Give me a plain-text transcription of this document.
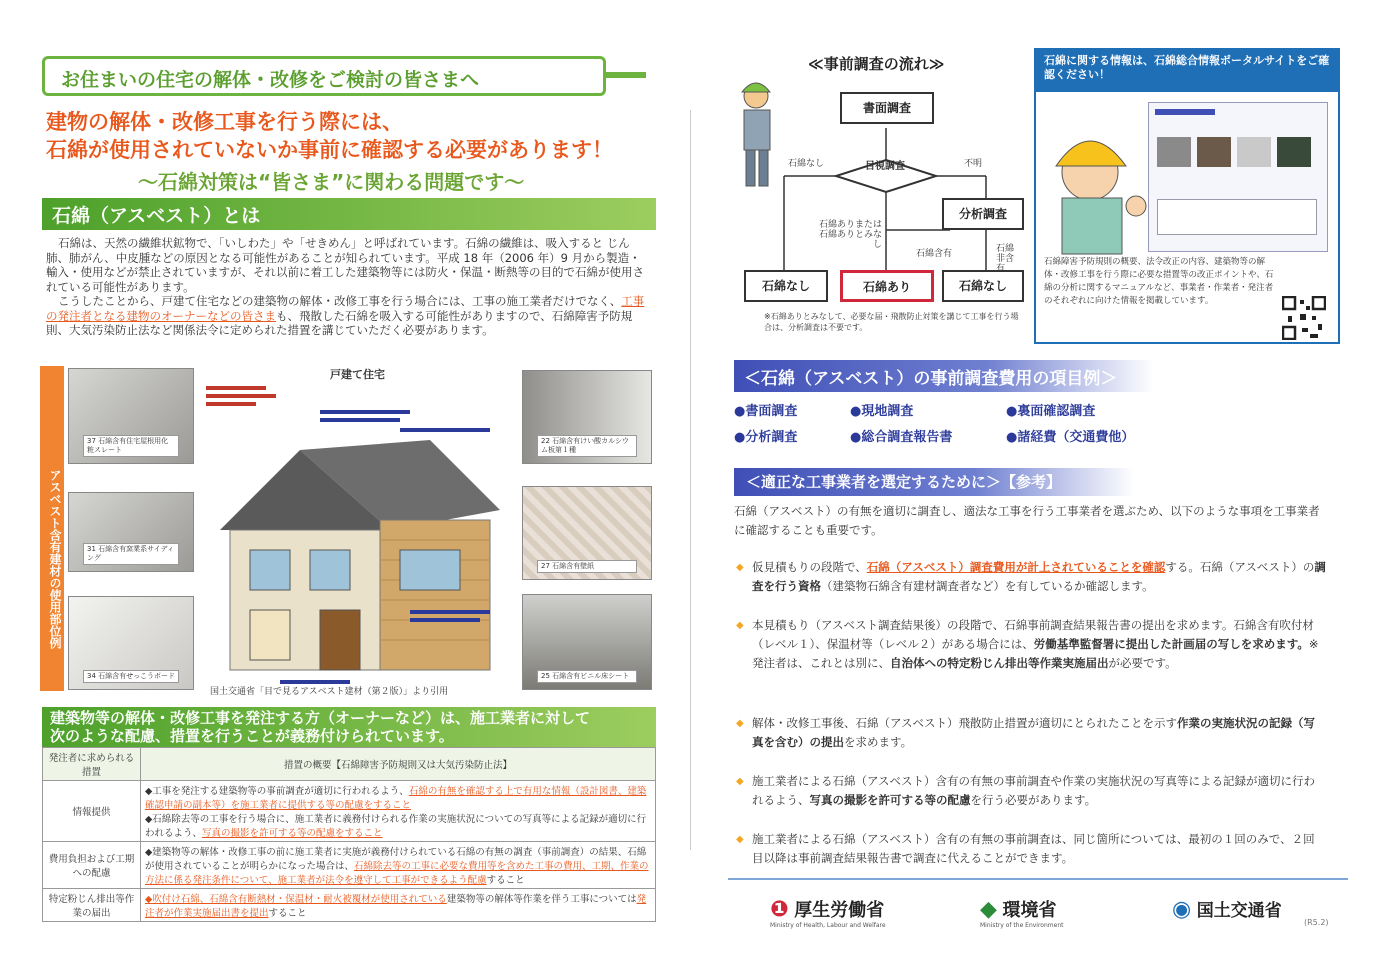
お住まいの住宅の解体・改修をご検討の皆さまへ
建物の解体・改修工事を行う際には、
石綿が使用されていないか事前に確認する必要があります！
～石綿対策は“皆さま”に関わる問題です～
石綿（アスベスト）とは
石綿は、天然の繊維状鉱物で、「いしわた」や「せきめん」と呼ばれています。石綿の繊維は、吸入すると じん肺、肺がん、中皮腫などの原因となる可能性があることが知られています。平成 18 年（2006 年）9 月から製造・輸入・使用などが禁止されていますが、それ以前に着工した建築物等には防火・保温・断熱等の目的で石綿が使用されている可能性があります。
こうしたことから、戸建て住宅などの建築物の解体・改修工事を行う場合には、工事の施工業者だけでなく、工事の発注者となる建物のオーナーなどの皆さまも、飛散した石綿を吸入する可能性がありますので、石綿障害予防規則、大気汚染防止法など関係法令に定められた措置を講じていただく必要があります。
アスベスト含有建材の使用部位例
37 石綿含有住宅屋根用化粧スレート
31 石綿含有窯業系サイディング
34 石綿含有せっこうボード
22 石綿含有けい酸カルシウム板第１種
27 石綿含有壁紙
25 石綿含有ビニル床シート
戸建て住宅
国土交通省「目で見るアスベスト建材（第２版）」より引用
建築物等の解体・改修工事を発注する方（オーナーなど）は、施工業者に対して
次のような配慮、措置を行うことが義務付けられています。
発注者に求められる措置	措置の概要【石綿障害予防規則又は大気汚染防止法】
情報提供	◆工事を発注する建築物等の事前調査が適切に行われるよう、石綿の有無を確認する上で有用な情報（設計図書、建築確認申請の副本等）を施工業者に提供する等の配慮をすること
◆石綿除去等の工事を行う場合に、施工業者に義務付けられる作業の実施状況についての写真等による記録が適切に行われるよう、写真の撮影を許可する等の配慮をすること

費用負担および工期への配慮	◆建築物等の解体・改修工事の前に施工業者に実施が義務付けられている石綿の有無の調査（事前調査）の結果、石綿が使用されていることが明らかになった場合は、石綿除去等の工事に必要な費用等を含めた工事の費用、工期、作業の方法に係る発注条件について、施工業者が法令を遵守して工事ができるよう配慮すること
特定粉じん排出等作業の届出	◆吹付け石綿、石綿含有断熱材・保温材・耐火被覆材が使用されている建築物等の解体等作業を伴う工事については発注者が作業実施届出書を提出すること
≪事前調査の流れ≫
書面調査
目視調査
分析調査
石綿なし	石綿あり	石綿なし
石綿なし	不明
石綿ありまたは石綿ありとみなし
石綿含有	石綿非含有
※石綿ありとみなして、必要な届・飛散防止対策を講じて工事を行う場合は、分析調査は不要です。
石綿に関する情報は、石綿総合情報ポータルサイトをご確認ください！
石綿障害予防規則の概要、法令改正の内容、建築物等の解体・改修工事を行う際に必要な措置等の改正ポイントや、石綿の分析に関するマニュアルなど、事業者・作業者・発注者のそれぞれに向けた情報を掲載しています。
＜石綿（アスベスト）の事前調査費用の項目例＞
●書面調査	●現地調査	●裏面確認調査
●分析調査	●総合調査報告書	●諸経費（交通費他）
＜適正な工事業者を選定するために＞【参考】
石綿（アスベスト）の有無を適切に調査し、適法な工事を行う工事業者を選ぶため、以下のような事項を工事業者に確認することも重要です。
◆ 仮見積もりの段階で、石綿（アスベスト）調査費用が計上されていることを確認する。石綿（アスベスト）の調査を行う資格（建築物石綿含有建材調査者など）を有しているか確認します。
◆ 本見積もり（アスベスト調査結果後）の段階で、石綿事前調査結果報告書の提出を求めます。石綿含有吹付材（レベル１）、保温材等（レベル２）がある場合には、労働基準監督署に提出した計画届の写しを求めます。※発注者は、これとは別に、自治体への特定粉じん排出等作業実施届出が必要です。
◆ 解体・改修工事後、石綿（アスベスト）飛散防止措置が適切にとられたことを示す作業の実施状況の記録（写真を含む）の提出を求めます。
◆ 施工業者による石綿（アスベスト）含有の有無の事前調査や作業の実施状況の写真等による記録が適切に行われるよう、写真の撮影を許可する等の配慮を行う必要があります。
◆ 施工業者による石綿（アスベスト）含有の有無の事前調査は、同じ箇所については、最初の１回のみで、２回目以降は事前調査結果報告書で調査に代えることができます。
❶ 厚生労働省
Ministry of Health, Labour and Welfare
◆ 環境省
Ministry of the Environment
◉ 国土交通省
(R5.2)
